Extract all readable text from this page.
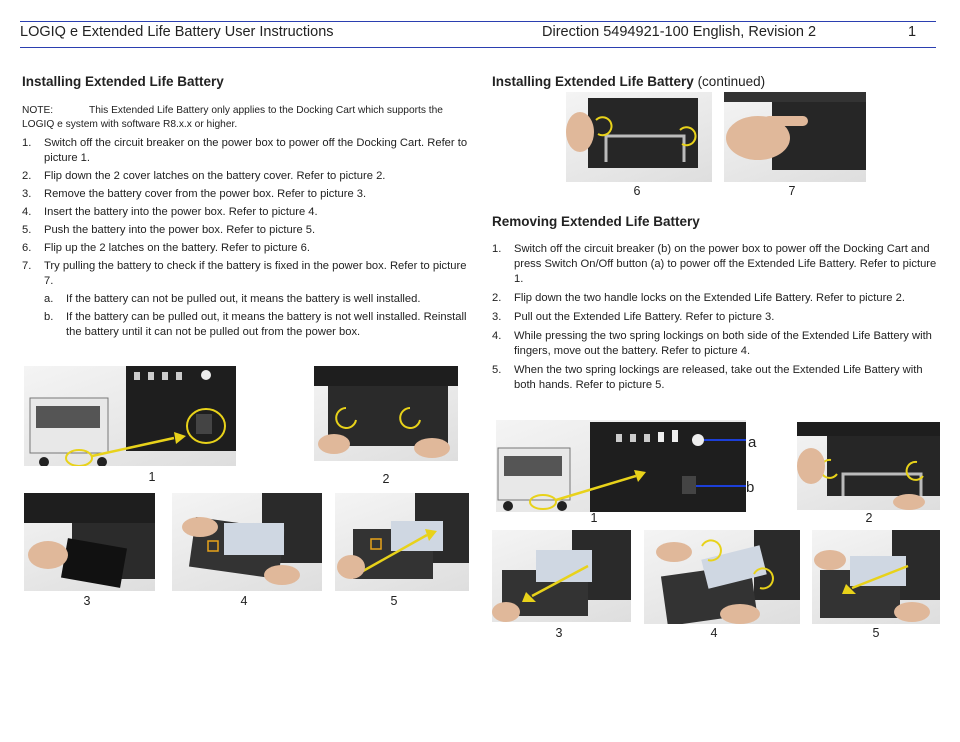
LOGIQ e Extended Life Battery User Instructions	Direction 5494921-100 English, Revision 2	1
Installing Extended Life Battery
NOTE:	This Extended Life Battery only applies to the Docking Cart which supports the LOGIQ e system with software R8.x.x or higher.
1. Switch off the circuit breaker on the power box to power off the Docking Cart. Refer to picture 1.
2. Flip down the 2 cover latches on the battery cover. Refer to picture 2.
3. Remove the battery cover from the power box. Refer to picture 3.
4. Insert the battery into the power box. Refer to picture 4.
5. Push the battery into the power box. Refer to picture 5.
6. Flip up the 2 latches on the battery. Refer to picture 6.
7. Try pulling the battery to check if the battery is fixed in the power box. Refer to picture 7.
a. If the battery can not be pulled out, it means the battery is well installed.
b. If the battery can be pulled out, it means the battery is not well installed. Reinstall the battery until it can not be pulled out from the power box.
1	2
3	4	5
Installing Extended Life Battery (continued)
6	7
Removing Extended Life Battery
1. Switch off the circuit breaker (b) on the power box to power off the Docking Cart and press Switch On/Off button (a) to power off the Extended Life Battery. Refer to picture 1.
2. Flip down the two handle locks on the Extended Life Battery. Refer to picture 2.
3. Pull out the Extended Life Battery. Refer to picture 3.
4. While pressing the two spring lockings on both side of the Extended Life Battery with fingers, move out the battery. Refer to picture 4.
5. When the two spring lockings are released, take out the Extended Life Battery with both hands. Refer to picture 5.
a
b
1	2
3	4	5
